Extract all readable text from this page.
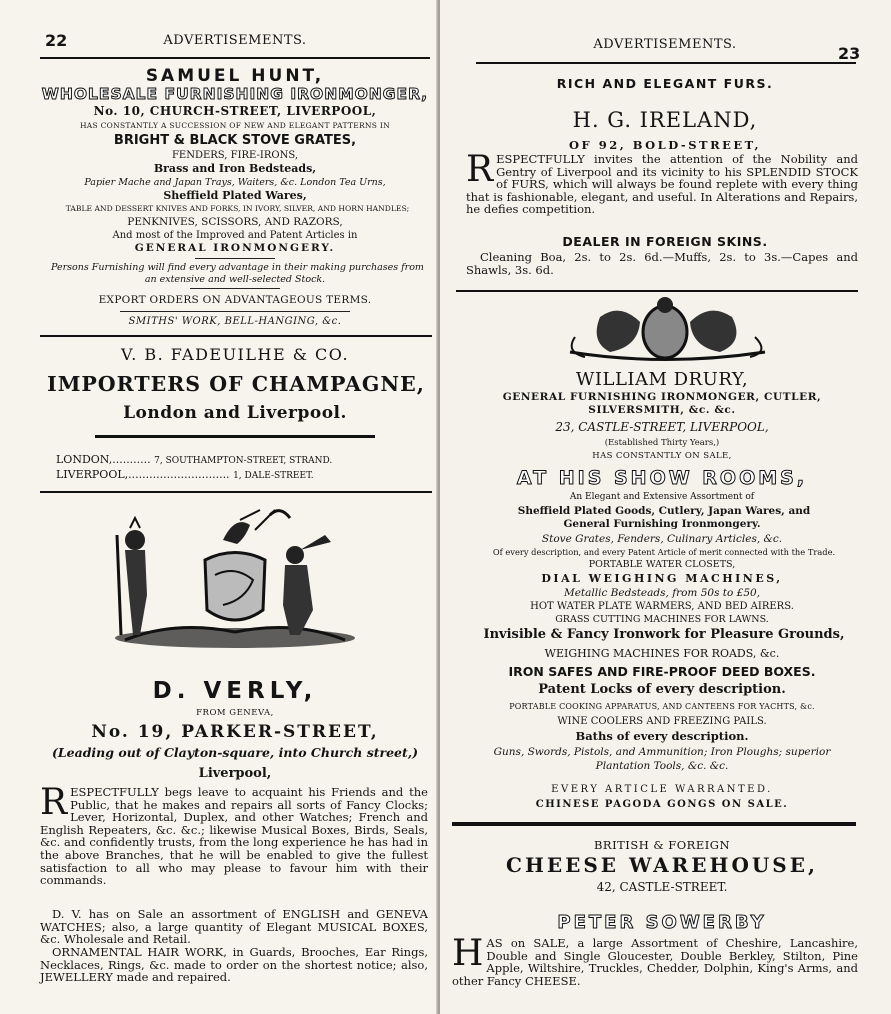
22	ADVERTISEMENTS.
SAMUEL HUNT,
WHOLESALE FURNISHING IRONMONGER,
No. 10, CHURCH-STREET, LIVERPOOL,
HAS CONSTANTLY A SUCCESSION OF NEW AND ELEGANT PATTERNS IN
BRIGHT & BLACK STOVE GRATES,
FENDERS, FIRE-IRONS,
Brass and Iron Bedsteads,
Papier Mache and Japan Trays, Waiters, &c. London Tea Urns,
Sheffield Plated Wares,
TABLE AND DESSERT KNIVES AND FORKS, IN IVORY, SILVER, AND HORN HANDLES;
PENKNIVES, SCISSORS, AND RAZORS,
And most of the Improved and Patent Articles in
GENERAL IRONMONGERY.
Persons Furnishing will find every advantage in their making purchases from
an extensive and well-selected Stock.
EXPORT ORDERS ON ADVANTAGEOUS TERMS.
SMITHS' WORK, BELL-HANGING, &c.
V. B. FADEUILHE & CO.
IMPORTERS OF CHAMPAGNE,
London and Liverpool.
LONDON,........... 7, SOUTHAMPTON-STREET, STRAND.
LIVERPOOL,............................. 1, DALE-STREET.
D. VERLY,
FROM GENEVA,
No. 19, PARKER-STREET,
(Leading out of Clayton-square, into Church street,)
Liverpool,
RESPECTFULLY begs leave to acquaint his Friends and the Public, that he makes and repairs all sorts of Fancy Clocks; Lever, Horizontal, Duplex, and other Watches; French and English Repeaters, &c. &c.; likewise Musical Boxes, Birds, Seals, &c. and confidently trusts, from the long experience he has had in the above Branches, that he will be enabled to give the fullest satisfaction to all who may please to favour him with their commands.
D. V. has on Sale an assortment of ENGLISH and GENEVA WATCHES; also, a large quantity of Elegant MUSICAL BOXES, &c. Wholesale and Retail.
ORNAMENTAL HAIR WORK, in Guards, Brooches, Ear Rings, Necklaces, Rings, &c. made to order on the shortest notice; also, JEWELLERY made and repaired.
ADVERTISEMENTS.	23
RICH AND ELEGANT FURS.
H. G. IRELAND,
OF 92, BOLD-STREET,
RESPECTFULLY invites the attention of the Nobility and Gentry of Liverpool and its vicinity to his SPLENDID STOCK of FURS, which will always be found replete with every thing that is fashionable, elegant, and useful. In Alterations and Repairs, he defies competition.
DEALER IN FOREIGN SKINS.
Cleaning Boa, 2s. to 2s. 6d.—Muffs, 2s. to 3s.—Capes and Shawls, 3s. 6d.
WILLIAM DRURY,
GENERAL FURNISHING IRONMONGER, CUTLER,
SILVERSMITH, &c. &c.
23, CASTLE-STREET, LIVERPOOL,
(Established Thirty Years,)
HAS CONSTANTLY ON SALE,
AT HIS SHOW ROOMS,
An Elegant and Extensive Assortment of
Sheffield Plated Goods, Cutlery, Japan Wares, and
General Furnishing Ironmongery.
Stove Grates, Fenders, Culinary Articles, &c.
Of every description, and every Patent Article of merit connected with the Trade.
PORTABLE WATER CLOSETS,
DIAL WEIGHING MACHINES,
Metallic Bedsteads, from 50s to £50,
HOT WATER PLATE WARMERS, AND BED AIRERS.
GRASS CUTTING MACHINES FOR LAWNS.
Invisible & Fancy Ironwork for Pleasure Grounds,
WEIGHING MACHINES FOR ROADS, &c.
IRON SAFES AND FIRE-PROOF DEED BOXES.
Patent Locks of every description.
PORTABLE COOKING APPARATUS, AND CANTEENS FOR YACHTS, &c.
WINE COOLERS AND FREEZING PAILS.
Baths of every description.
Guns, Swords, Pistols, and Ammunition; Iron Ploughs; superior
Plantation Tools, &c. &c.
EVERY ARTICLE WARRANTED.
CHINESE PAGODA GONGS ON SALE.
BRITISH & FOREIGN
CHEESE WAREHOUSE,
42, CASTLE-STREET.
PETER SOWERBY
HAS on SALE, a large Assortment of Cheshire, Lancashire, Double and Single Gloucester, Double Berkley, Stilton, Pine Apple, Wiltshire, Truckles, Chedder, Dolphin, King's Arms, and other Fancy CHEESE.
